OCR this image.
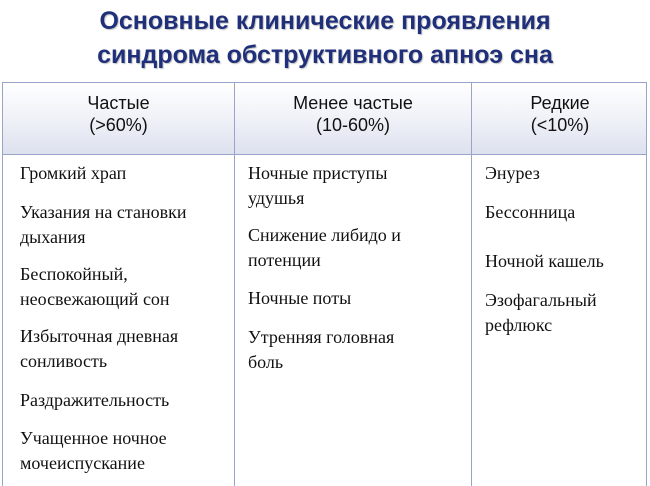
Основные клинические проявления
синдрома обструктивного апноэ сна
Частые
(>60%)
Менее частые
(10-60%)
Редкие
(<10%)
Громкий храп
Указания на становки
дыхания
Беспокойный,
неосвежающий сон
Избыточная дневная
сонливость
Раздражительность
Учащенное ночное
мочеиспускание
Ночные приступы
удушья
Снижение либидо и
потенции
Ночные поты
Утренняя головная
боль
Энурез
Бессонница
Ночной кашель
Эзофагальный
рефлюкс
